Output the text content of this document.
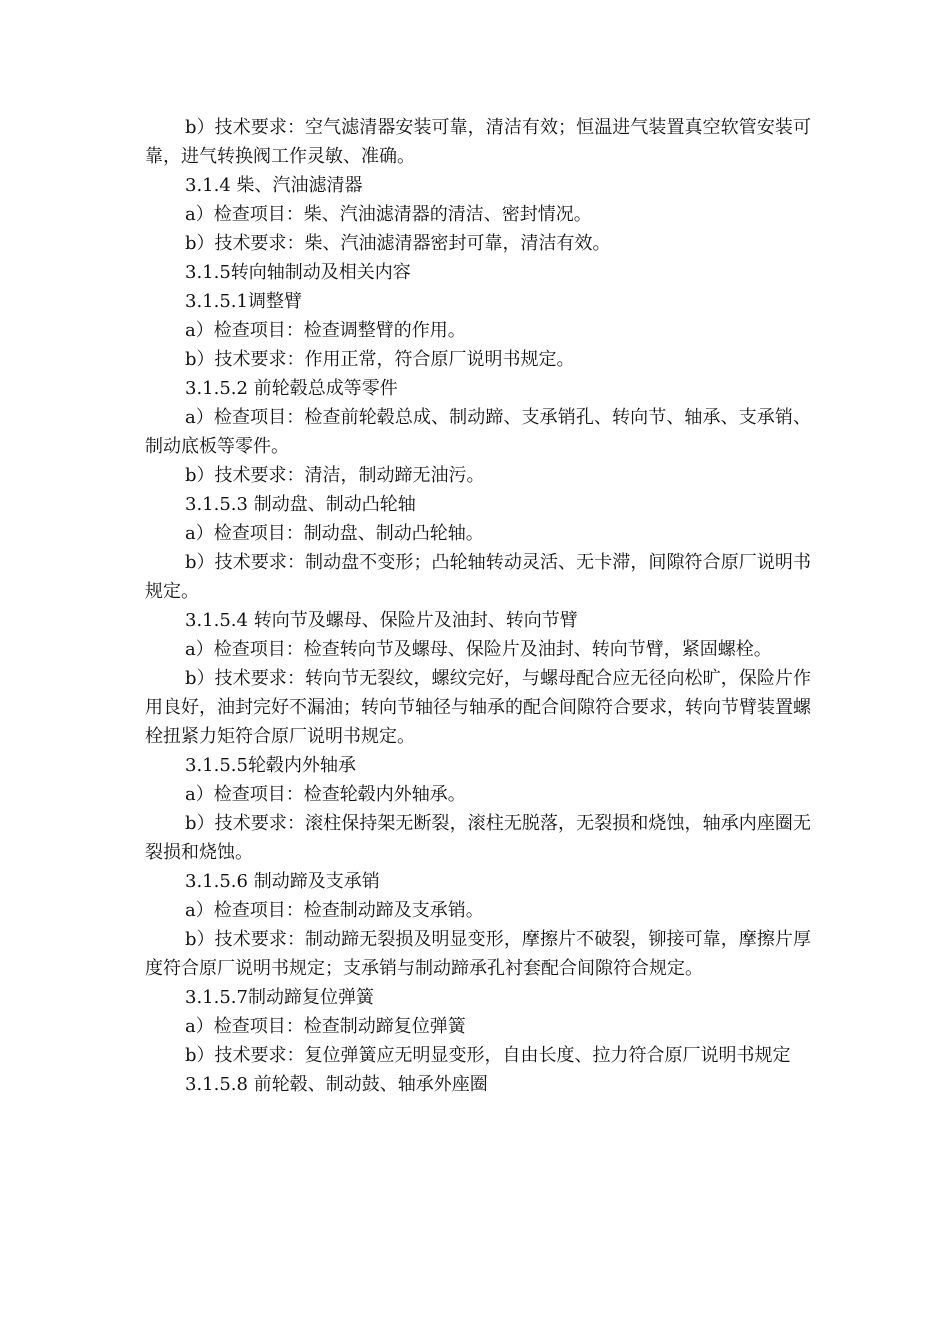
b）技术要求：空气滤清器安装可靠，清洁有效；恒温进气装置真空软管安装可靠，进气转换阀工作灵敏、准确。

3.1.4 柴、汽油滤清器

a）检查项目：柴、汽油滤清器的清洁、密封情况。

b）技术要求：柴、汽油滤清器密封可靠，清洁有效。

3.1.5转向轴制动及相关内容

3.1.5.1调整臂

a）检查项目：检查调整臂的作用。

b）技术要求：作用正常，符合原厂说明书规定。

3.1.5.2 前轮毂总成等零件

a）检查项目：检查前轮毂总成、制动蹄、支承销孔、转向节、轴承、支承销、制动底板等零件。

b）技术要求：清洁，制动蹄无油污。

3.1.5.3 制动盘、制动凸轮轴

a）检查项目：制动盘、制动凸轮轴。

b）技术要求：制动盘不变形；凸轮轴转动灵活、无卡滞，间隙符合原厂说明书规定。

3.1.5.4 转向节及螺母、保险片及油封、转向节臂

a）检查项目：检查转向节及螺母、保险片及油封、转向节臂，紧固螺栓。

b）技术要求：转向节无裂纹，螺纹完好，与螺母配合应无径向松旷，保险片作用良好，油封完好不漏油；转向节轴径与轴承的配合间隙符合要求，转向节臂装置螺栓扭紧力矩符合原厂说明书规定。

3.1.5.5轮毂内外轴承

a）检查项目：检查轮毂内外轴承。

b）技术要求：滚柱保持架无断裂，滚柱无脱落，无裂损和烧蚀，轴承内座圈无裂损和烧蚀。

3.1.5.6 制动蹄及支承销

a）检查项目：检查制动蹄及支承销。

b）技术要求：制动蹄无裂损及明显变形，摩擦片不破裂，铆接可靠，摩擦片厚度符合原厂说明书规定；支承销与制动蹄承孔衬套配合间隙符合规定。

3.1.5.7制动蹄复位弹簧

a）检查项目：检查制动蹄复位弹簧

b）技术要求：复位弹簧应无明显变形，自由长度、拉力符合原厂说明书规定

3.1.5.8 前轮毂、制动鼓、轴承外座圈
